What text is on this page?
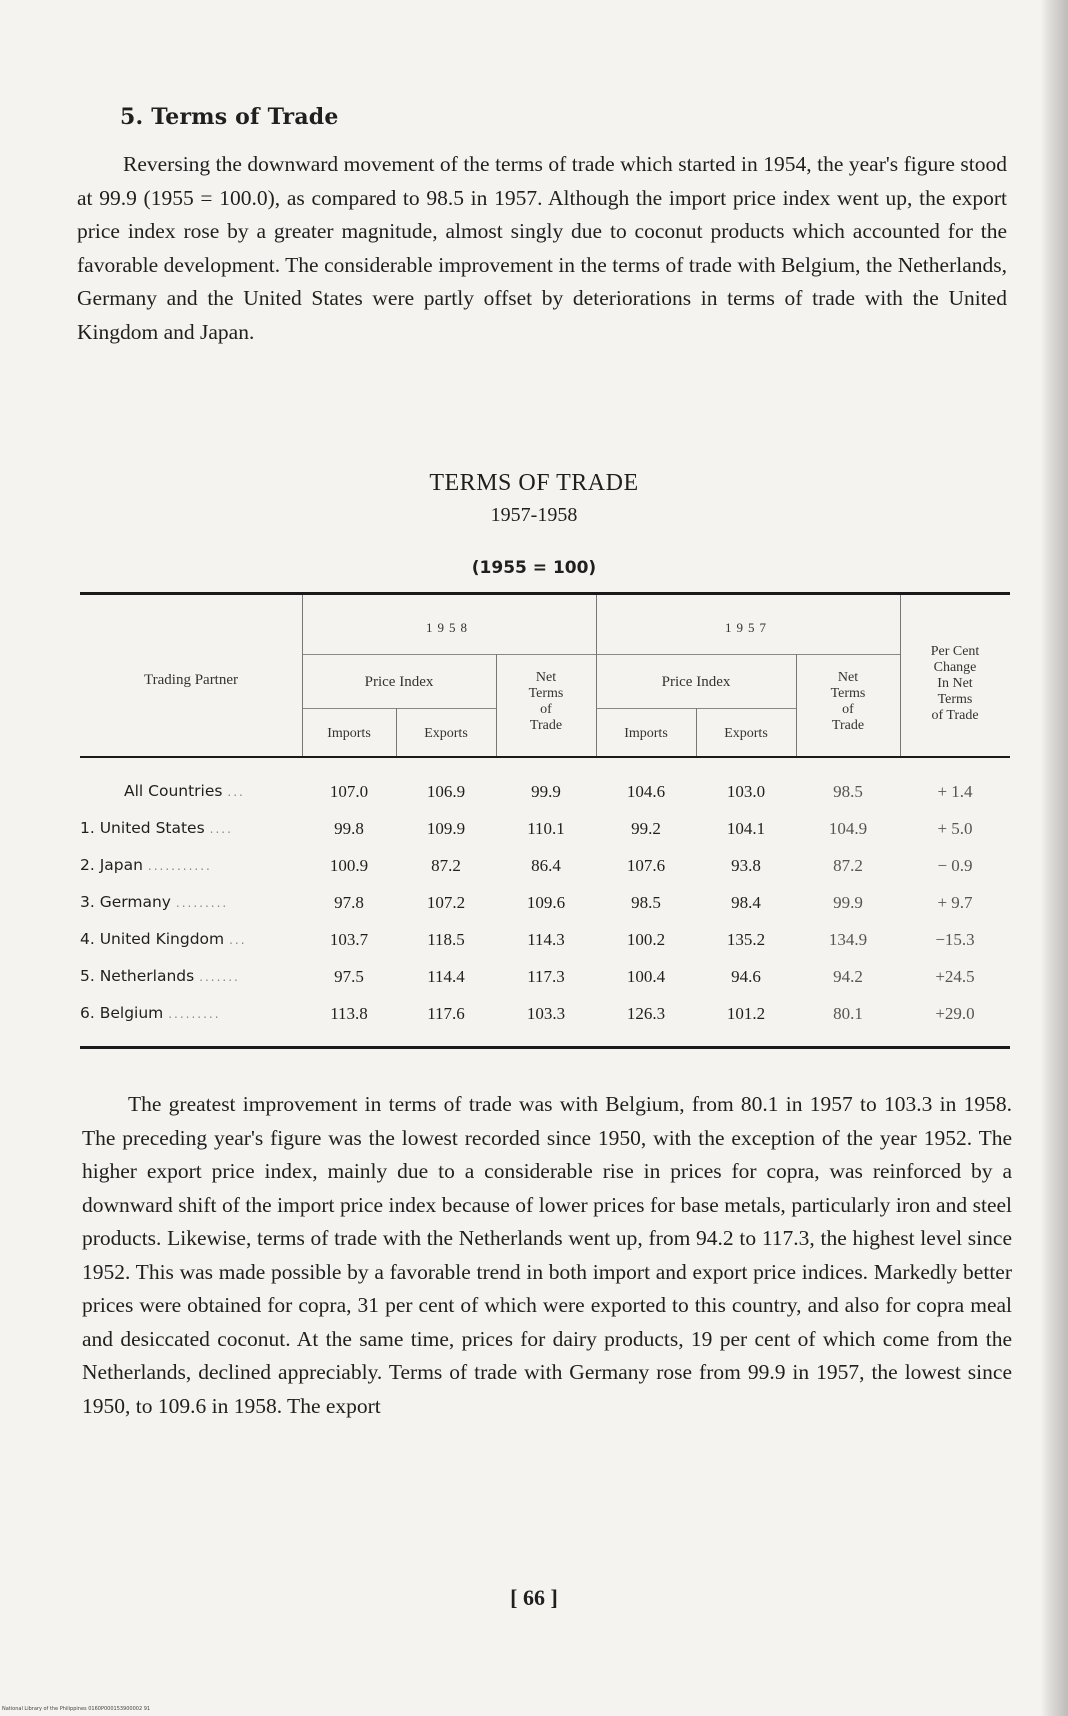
5. Terms of Trade

Reversing the downward movement of the terms of trade which started in 1954, the year's figure stood at 99.9 (1955 = 100.0), as compared to 98.5 in 1957. Although the import price index went up, the export price index rose by a greater magnitude, almost singly due to coconut products which accounted for the favorable development. The considerable improvement in the terms of trade with Belgium, the Netherlands, Germany and the United States were partly offset by deteriorations in terms of trade with the United Kingdom and Japan.

TERMS OF TRADE
1957-1958
(1955 = 100)
Trading Partner
1958	1957
Price Index	Price Index
Net
Terms
of
Trade
Net
Terms
of
Trade
Imports	Exports	Imports	Exports
Per Cent
Change
In Net
Terms
of Trade
All Countries ...	107.0	106.9	99.9	104.6	103.0	98.5	+ 1.4
1. United States ....	99.8	109.9	110.1	99.2	104.1	104.9	+ 5.0
2. Japan ...........	100.9	87.2	86.4	107.6	93.8	87.2	− 0.9
3. Germany .........	97.8	107.2	109.6	98.5	98.4	99.9	+ 9.7
4. United Kingdom ...	103.7	118.5	114.3	100.2	135.2	134.9	−15.3
5. Netherlands .......	97.5	114.4	117.3	100.4	94.6	94.2	+24.5
6. Belgium .........	113.8	117.6	103.3	126.3	101.2	80.1	+29.0

The greatest improvement in terms of trade was with Belgium, from 80.1 in 1957 to 103.3 in 1958. The preceding year's figure was the lowest recorded since 1950, with the exception of the year 1952. The higher export price index, mainly due to a considerable rise in prices for copra, was reinforced by a downward shift of the import price index because of lower prices for base metals, particularly iron and steel products. Likewise, terms of trade with the Netherlands went up, from 94.2 to 117.3, the highest level since 1952. This was made possible by a favorable trend in both import and export price indices. Markedly better prices were obtained for copra, 31 per cent of which were exported to this country, and also for copra meal and desiccated coconut. At the same time, prices for dairy products, 19 per cent of which come from the Netherlands, declined appreciably. Terms of trade with Germany rose from 99.9 in 1957, the lowest since 1950, to 109.6 in 1958. The export

[ 66 ]
National Library of the Philippines 0160P000153900002 91
